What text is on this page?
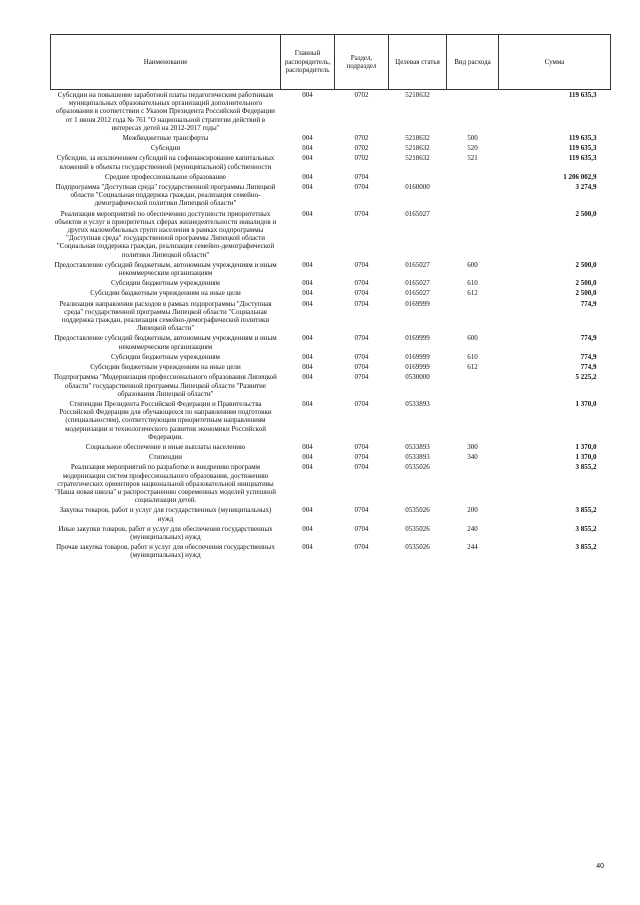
Наименование	Главный распорядитель, распорядитель	Раздел, подраздел	Целевая статья	Вид расхода	Сумма
Субсидии на повышение заработной платы педагогическим работникам муниципальных образовательных организаций дополнительного образования в соответствии с Указом Президента Российской Федерации от 1 июня 2012 года № 761 "О национальной стратегии действий в интересах детей на 2012-2017 годы"	004	0702	5218632		119 635,3
Межбюджетные трансферты	004	0702	5218632	500	119 635,3
Субсидии	004	0702	5218632	520	119 635,3
Субсидии, за исключением субсидий на софинансирование капитальных вложений в объекты государственной (муниципальной) собственности	004	0702	5218632	521	119 635,3
Среднее профессиональное образование	004	0704			1 206 002,9
Подпрограмма "Доступная среда" государственной программы Липецкой области "Социальная поддержка граждан, реализация семейно-демографической политики Липецкой области"	004	0704	0160000		3 274,9
Реализация мероприятий по обеспечению доступности приоритетных объектов и услуг в приоритетных сферах жизнедеятельности инвалидов и других маломобильных групп населения в рамках подпрограммы "Доступная среда" государственной программы Липецкой области "Социальная поддержка граждан, реализация семейно-демографической политики Липецкой области"	004	0704	0165027		2 500,0
Предоставление субсидий бюджетным, автономным учреждениям и иным некоммерческим организациям	004	0704	0165027	600	2 500,0
Субсидии бюджетным учреждениям	004	0704	0165027	610	2 500,0
Субсидии бюджетным учреждениям на иные цели	004	0704	0165027	612	2 500,0
Реализация направления расходов в рамках подпрограммы "Доступная среда" государственной программы Липецкой области "Социальная поддержка граждан, реализация семейно-демографической политики Липецкой области"	004	0704	0169999		774,9
Предоставление субсидий бюджетным, автономным учреждениям и иным некоммерческим организациям	004	0704	0169999	600	774,9
Субсидии бюджетным учреждениям	004	0704	0169999	610	774,9
Субсидии бюджетным учреждениям на иные цели	004	0704	0169999	612	774,9
Подпрограмма "Модернизация профессионального образования Липецкой области" государственной программы Липецкой области "Развитие образования Липецкой области"	004	0704	0530000		5 225,2
Стипендии Президента Российской Федерации и Правительства Российской Федерации для обучающихся по направлениям подготовки (специальностям), соответствующим приоритетным направлениям модернизации и технологического развития экономики Российской Федерации.	004	0704	0533893		1 370,0
Социальное обеспечение и иные выплаты населению	004	0704	0533893	300	1 370,0
Стипендии	004	0704	0533893	340	1 370,0
Реализация мероприятий по разработке и внедрению программ модернизации систем профессионального образования, достижению стратегических ориентиров национальной образовательной инициативы "Наша новая школа" и распространению современных моделей успешной социализации детей.	004	0704	0535026		3 855,2
Закупка товаров, работ и услуг для государственных (муниципальных) нужд	004	0704	0535026	200	3 855,2
Иные закупки товаров, работ и услуг для обеспечения государственных (муниципальных) нужд	004	0704	0535026	240	3 855,2
Прочая закупка товаров, работ и услуг для обеспечения государственных (муниципальных) нужд	004	0704	0535026	244	3 855,2
40
